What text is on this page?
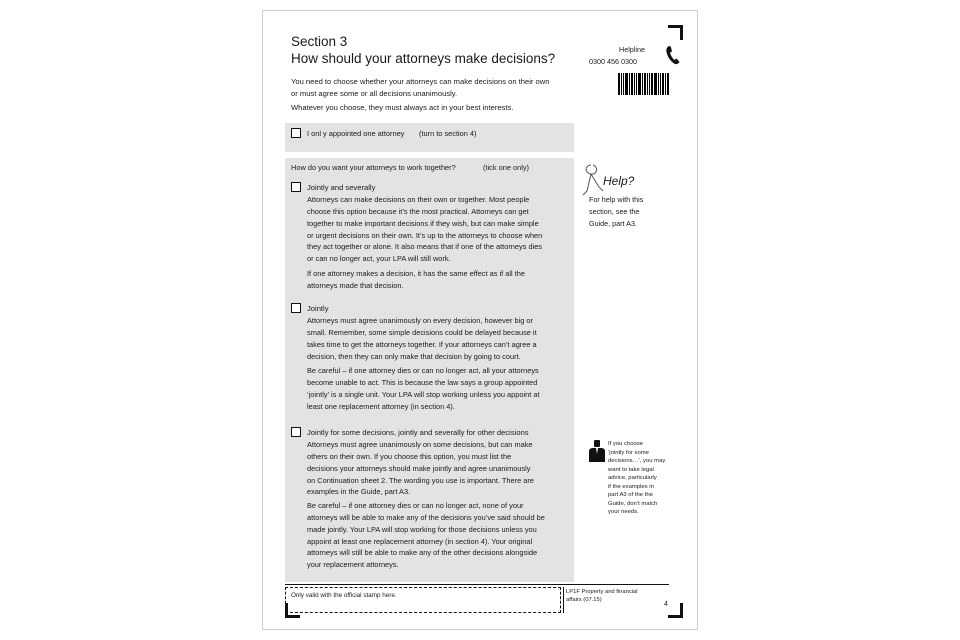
Section 3
How should your attorneys make decisions?
You need to choose whether your attorneys can make decisions on their own
or must agree some or all decisions unanimously.
Whatever you choose, they must always act in your best interests.
Helpline
0300 456 0300
I onl y appointed one attorney (turn to section 4)
How do you want your attorneys to work together?	(tick one only)
Jointly and severally
Attorneys can make decisions on their own or together. Most people
choose this option because it’s the most practical. Attorneys can get
together to make important decisions if they wish, but can make simple
or urgent decisions on their own. It’s up to the attorneys to choose when
they act together or alone. It also means that if one of the attorneys dies
or can no longer act, your LPA will still work.
If one attorney makes a decision, it has the same effect as if all the
attorneys made that decision.
Jointly
Attorneys must agree unanimously on every decision, however big or
small. Remember, some simple decisions could be delayed because it
takes time to get the attorneys together. If your attorneys can’t agree a
decision, then they can only make that decision by going to court.
Be careful – if one attorney dies or can no longer act, all your attorneys
become unable to act. This is because the law says a group appointed
‘jointly’ is a single unit. Your LPA will stop working unless you appoint at
least one replacement attorney (in section 4).
Jointly for some decisions, jointly and severally for other decisions
Attorneys must agree unanimously on some decisions, but can make
others on their own. If you choose this option, you must list the
decisions your attorneys should make jointly and agree unanimously
on Continuation sheet 2. The wording you use is important. There are
examples in the Guide, part A3.
Be careful – if one attorney dies or can no longer act, none of your
attorneys will be able to make any of the decisions you’ve said should be
made jointly. Your LPA will stop working for those decisions unless you
appoint at least one replacement attorney (in section 4). Your original
attorneys will still be able to make any of the other decisions alongside
your replacement attorneys.
Help?
For help with this
section, see the
Guide, part A3.
If you choose
‘jointly for some
decisions…’, you may
want to take legal
advice, particularly
if the examples in
part A3 of the the
Guide, don’t match
your needs.
Only valid with the official stamp here.	LP1F Property and financial
affairs (07.15)
4
